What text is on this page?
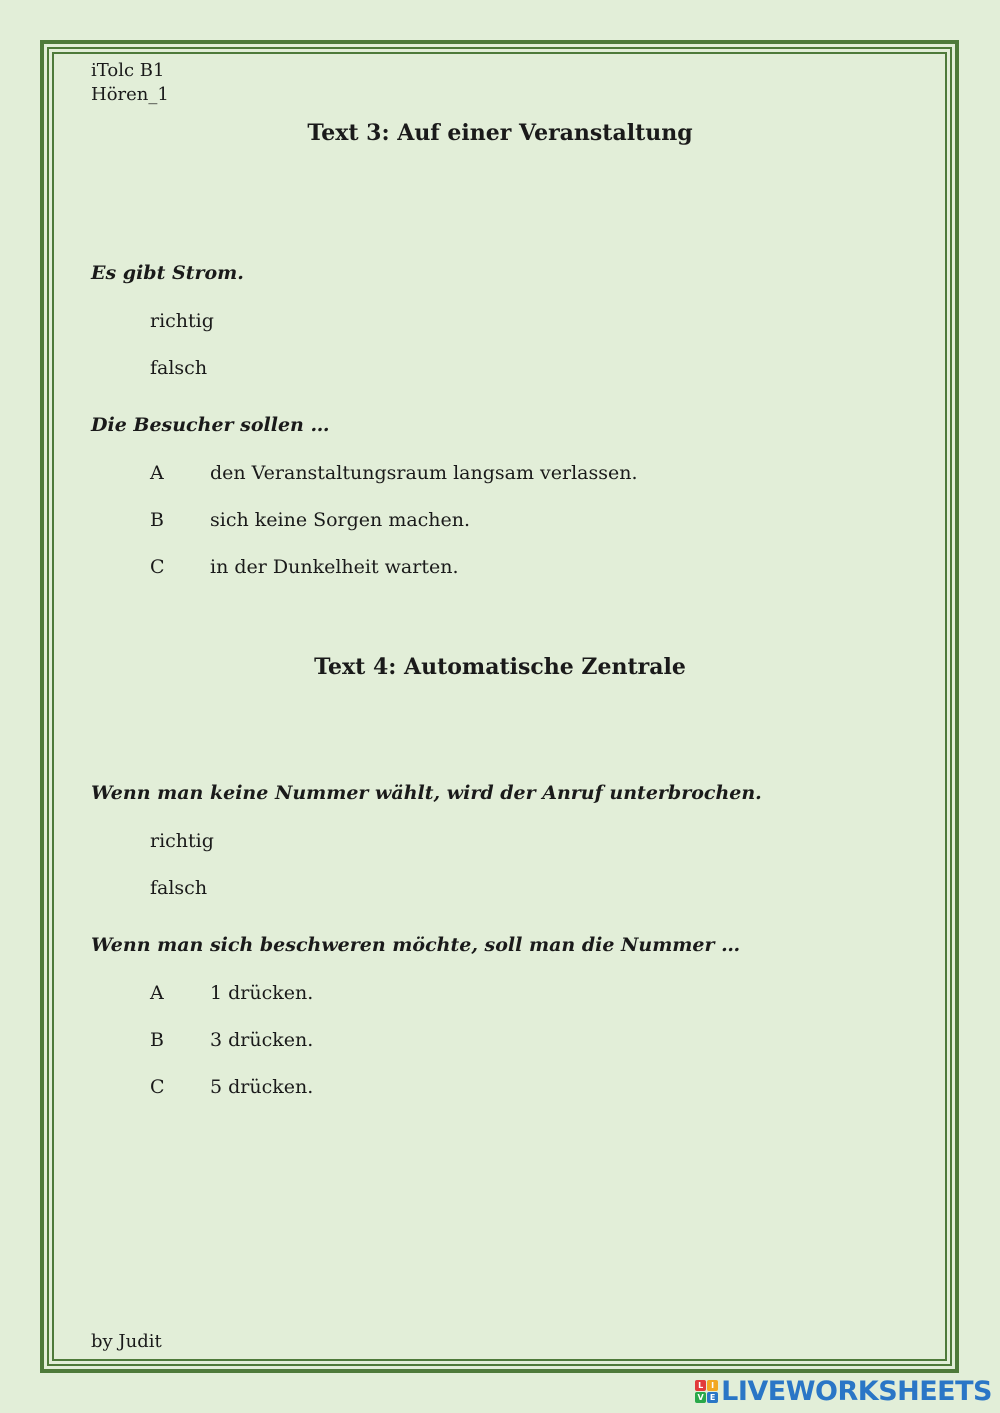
iTolc B1
Hören_1
Text 3: Auf einer Veranstaltung
Es gibt Strom.
richtig
falsch
Die Besucher sollen …
A den Veranstaltungsraum langsam verlassen.
B sich keine Sorgen machen.
C in der Dunkelheit warten.
Text 4: Automatische Zentrale
Wenn man keine Nummer wählt, wird der Anruf unterbrochen.
richtig
falsch
Wenn man sich beschweren möchte, soll man die Nummer …
A 1 drücken.
B 3 drücken.
C 5 drücken.
by Judit
L I
V E LIVEWORKSHEETS
